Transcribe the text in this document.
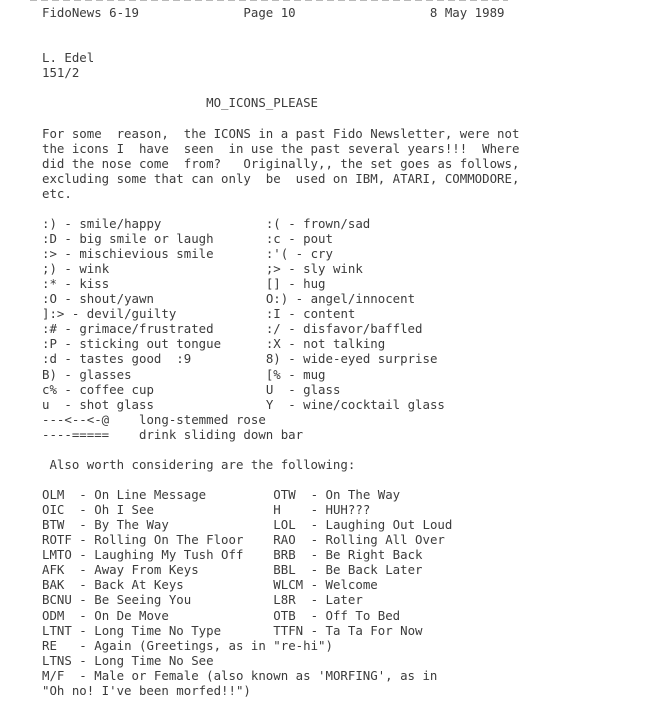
FidoNews 6-19	Page 10	8 May 1989
L. Edel
151/2
MO_ICONS_PLEASE
For some  reason,  the ICONS in a past Fido Newsletter, were not
the icons I  have  seen  in use the past several years!!!  Where
did the nose come  from?   Originally,, the set goes as follows,
excluding some that can only  be  used on IBM, ATARI, COMMODORE,
etc.
:) - smile/happy	:( - frown/sad
:D - big smile or laugh	:c - pout
:> - mischievious smile	:'( - cry
;) - wink	;> - sly wink
:* - kiss	[] - hug
:O - shout/yawn	O:) - angel/innocent
]:> - devil/guilty	:I - content
:# - grimace/frustrated	:/ - disfavor/baffled
:P - sticking out tongue	:X - not talking
:d - tastes good  :9	8) - wide-eyed surprise
B) - glasses	[% - mug
c% - coffee cup	U  - glass
u  - shot glass	Y  - wine/cocktail glass
---<--<-@    long-stemmed rose
----=====    drink sliding down bar
Also worth considering are the following:
OLM  - On Line Message	OTW  - On The Way
OIC  - Oh I See	H    - HUH???
BTW  - By The Way	LOL  - Laughing Out Loud
ROTF - Rolling On The Floor RAO  - Rolling All Over
LMTO - Laughing My Tush Off BRB  - Be Right Back
AFK  - Away From Keys	BBL  - Be Back Later
BAK  - Back At Keys	WLCM - Welcome
BCNU - Be Seeing You	L8R  - Later
ODM  - On De Move	OTB  - Off To Bed
LTNT - Long Time No Type	TTFN - Ta Ta For Now
RE   - Again (Greetings, as in "re-hi")
LTNS - Long Time No See
M/F  - Male or Female (also known as 'MORFING', as in
"Oh no! I've been morfed!!")
